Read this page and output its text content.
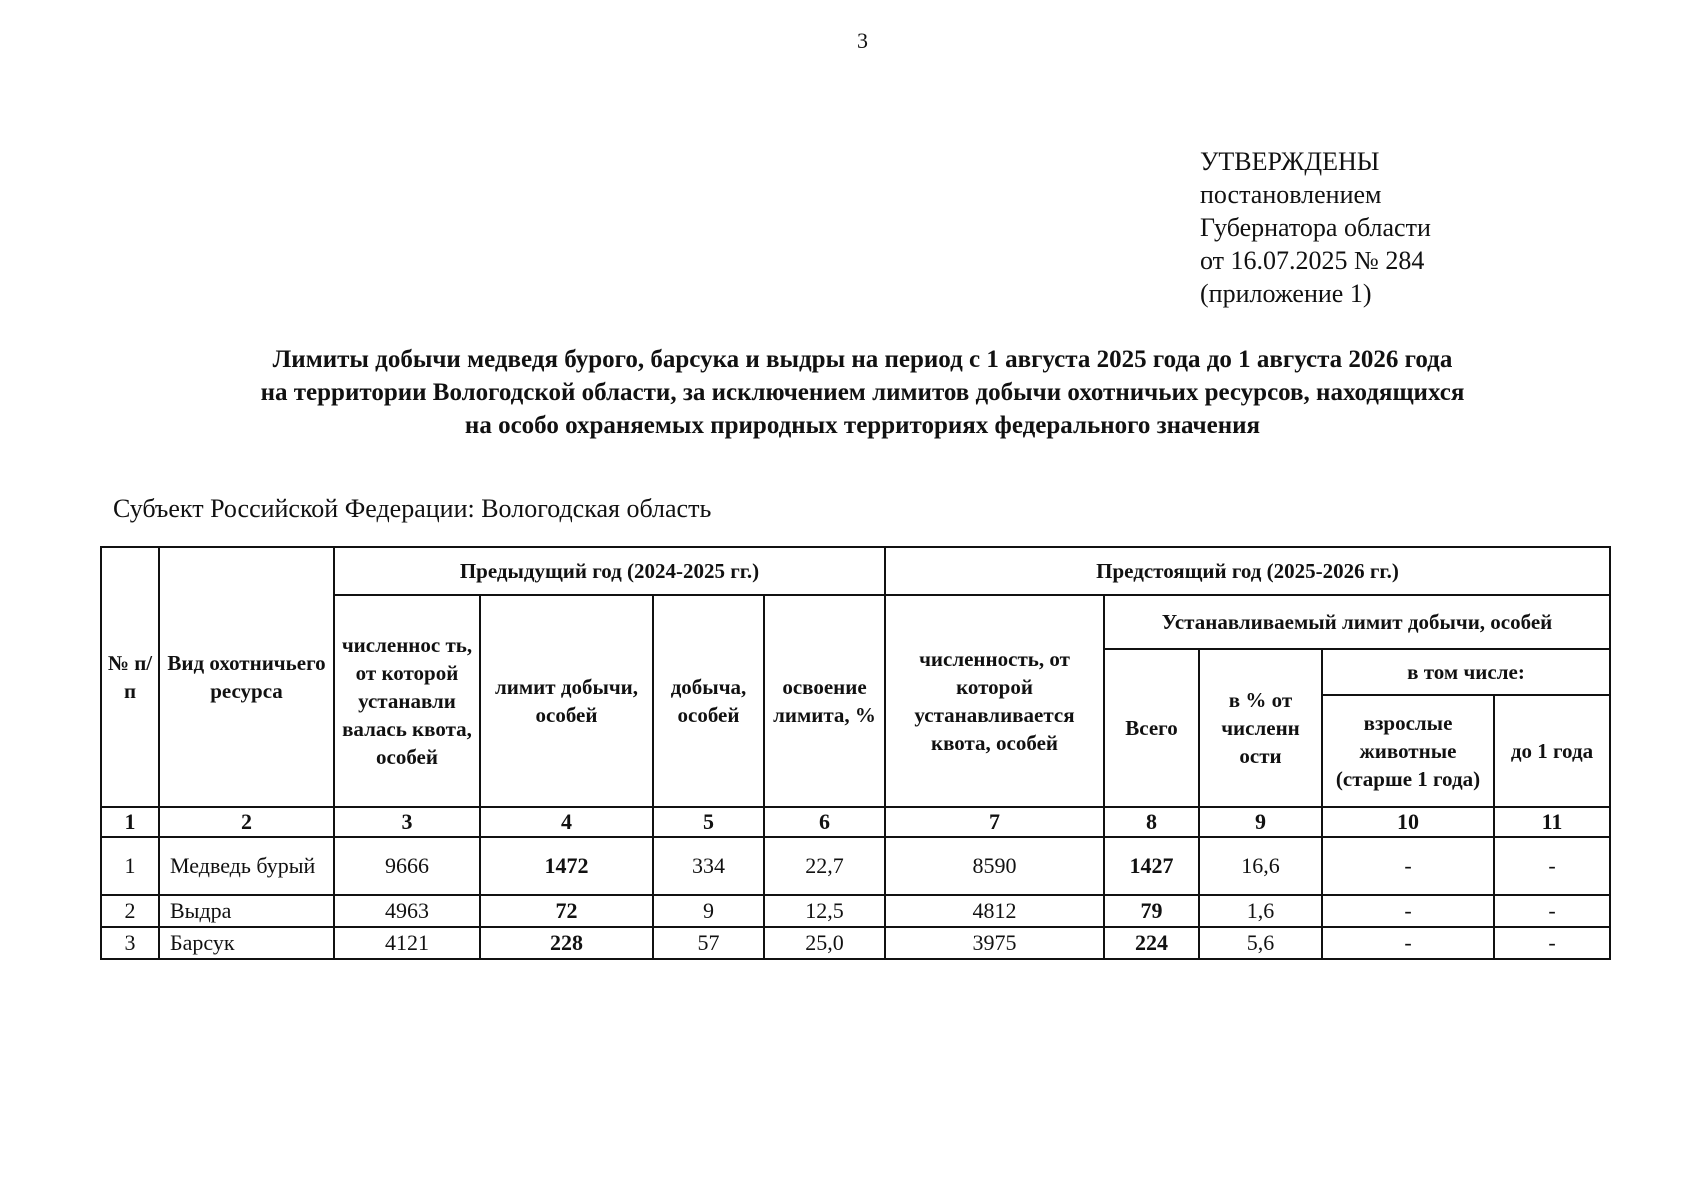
3
УТВЕРЖДЕНЫ
постановлением
Губернатора области
от 16.07.2025 № 284
(приложение 1)
Лимиты добычи медведя бурого, барсука и выдры на период с 1 августа 2025 года до 1 августа 2026 года
на территории Вологодской области, за исключением лимитов добычи охотничьих ресурсов, находящихся
на особо охраняемых природных территориях федерального значения
Субъект Российской Федерации: Вологодская область
№ п/ п	Вид охотничьего ресурса	Предыдущий год (2024-2025 гг.)				Предстоящий год (2025-2026 гг.)				
		численнос ть, от которой устанавли валась квота, особей	лимит добычи, особей	добыча, особей	освоение лимита, %	численность, от которой устанавливается квота, особей	Устанавливаемый лимит добычи, особей			
							Всего	в % от численн ости	в том числе:	
									взрослые животные (старше 1 года)	до 1 года
1	2	3	4	5	6	7	8	9	10	11
1	Медведь бурый	9666	1472	334	22,7	8590	1427	16,6	-	-
2	Выдра	4963	72	9	12,5	4812	79	1,6	-	-
3	Барсук	4121	228	57	25,0	3975	224	5,6	-	-
